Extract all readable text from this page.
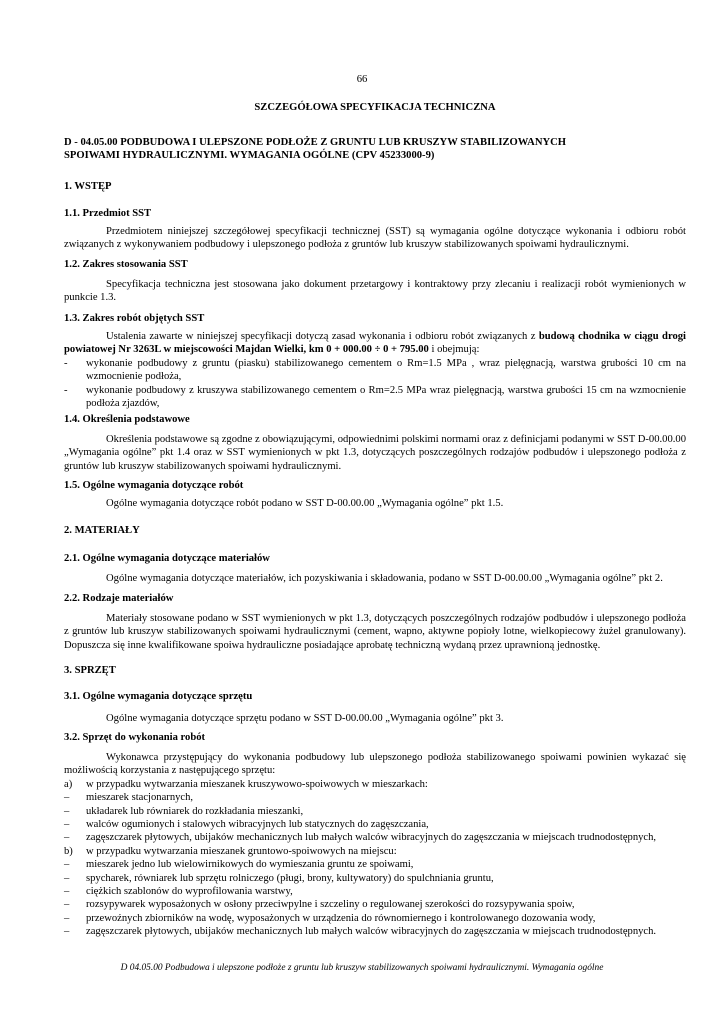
66
SZCZEGÓŁOWA SPECYFIKACJA TECHNICZNA
D - 04.05.00 PODBUDOWA I ULEPSZONE PODŁOŻE Z GRUNTU LUB KRUSZYW STABILIZOWANYCH
SPOIWAMI HYDRAULICZNYMI. WYMAGANIA OGÓLNE (CPV 45233000-9)
1. WSTĘP
1.1. Przedmiot SST

Przedmiotem niniejszej szczegółowej specyfikacji technicznej (SST) są wymagania ogólne dotyczące wykonania i odbioru robót związanych z wykonywaniem podbudowy i ulepszonego podłoża z gruntów lub kruszyw stabilizowanych spoiwami hydraulicznymi.

1.2. Zakres stosowania SST

Specyfikacja techniczna jest stosowana jako dokument przetargowy i kontraktowy przy zlecaniu i realizacji robót wymienionych w punkcie 1.3.

1.3. Zakres robót objętych SST

Ustalenia zawarte w niniejszej specyfikacji dotyczą zasad wykonania i odbioru robót związanych z budową chodnika w ciągu drogi powiatowej Nr 3263L w miejscowości Majdan Wielki, km 0 + 000.00 ÷ 0 + 795.00 i obejmują:

-	wykonanie podbudowy z gruntu (piasku) stabilizowanego cementem o Rm=1.5 MPa , wraz pielęgnacją, warstwa grubości 10 cm na wzmocnienie podłoża,
-	wykonanie podbudowy z kruszywa stabilizowanego cementem o Rm=2.5 MPa wraz pielęgnacją, warstwa grubości 15 cm na wzmocnienie podłoża zjazdów,
1.4. Określenia podstawowe

Określenia podstawowe są zgodne z obowiązującymi, odpowiednimi polskimi normami oraz z definicjami podanymi w SST D-00.00.00 „Wymagania ogólne” pkt 1.4 oraz w SST wymienionych w pkt 1.3, dotyczących poszczególnych rodzajów podbudów i ulepszonego podłoża z gruntów lub kruszyw stabilizowanych spoiwami hydraulicznymi.

1.5. Ogólne wymagania dotyczące robót

Ogólne wymagania dotyczące robót podano w SST D-00.00.00 „Wymagania ogólne” pkt 1.5.

2. MATERIAŁY
2.1. Ogólne wymagania dotyczące materiałów

Ogólne wymagania dotyczące materiałów, ich pozyskiwania i składowania, podano w SST D-00.00.00 „Wymagania ogólne” pkt 2.

2.2. Rodzaje materiałów

Materiały stosowane podano w SST wymienionych w pkt 1.3, dotyczących poszczególnych rodzajów podbudów i ulepszonego podłoża z gruntów lub kruszyw stabilizowanych spoiwami hydraulicznymi (cement, wapno, aktywne popioły lotne, wielkopiecowy żużel granulowany). Dopuszcza się inne kwalifikowane spoiwa hydrauliczne posiadające aprobatę techniczną wydaną przez uprawnioną jednostkę.

3. SPRZĘT
3.1. Ogólne wymagania dotyczące sprzętu

Ogólne wymagania dotyczące sprzętu podano w SST D-00.00.00 „Wymagania ogólne” pkt 3.

3.2. Sprzęt do wykonania robót

Wykonawca przystępujący do wykonania podbudowy lub ulepszonego podłoża stabilizowanego spoiwami powinien wykazać się możliwością korzystania z następującego sprzętu:

a)	w przypadku wytwarzania mieszanek kruszywowo-spoiwowych w mieszarkach:
–	mieszarek stacjonarnych,
–	układarek lub równiarek do rozkładania mieszanki,
–	walców ogumionych i stalowych wibracyjnych lub statycznych do zagęszczania,
–	zagęszczarek płytowych, ubijaków mechanicznych lub małych walców wibracyjnych do zagęszczania w miejscach trudnodostępnych,
b)	w przypadku wytwarzania mieszanek gruntowo-spoiwowych na miejscu:
–	mieszarek jedno lub wielowirnikowych do wymieszania gruntu ze spoiwami,
–	spycharek, równiarek lub sprzętu rolniczego (pługi, brony, kultywatory) do spulchniania gruntu,
–	ciężkich szablonów do wyprofilowania warstwy,
–	rozsypywarek wyposażonych w osłony przeciwpylne i szczeliny o regulowanej szerokości do rozsypywania spoiw,
–	przewoźnych zbiorników na wodę, wyposażonych w urządzenia do równomiernego i kontrolowanego dozowania wody,
–	zagęszczarek płytowych, ubijaków mechanicznych lub małych walców wibracyjnych do zagęszczania w miejscach trudnodostępnych.
D 04.05.00 Podbudowa i ulepszone podłoże z gruntu lub kruszyw stabilizowanych spoiwami hydraulicznymi. Wymagania ogólne
